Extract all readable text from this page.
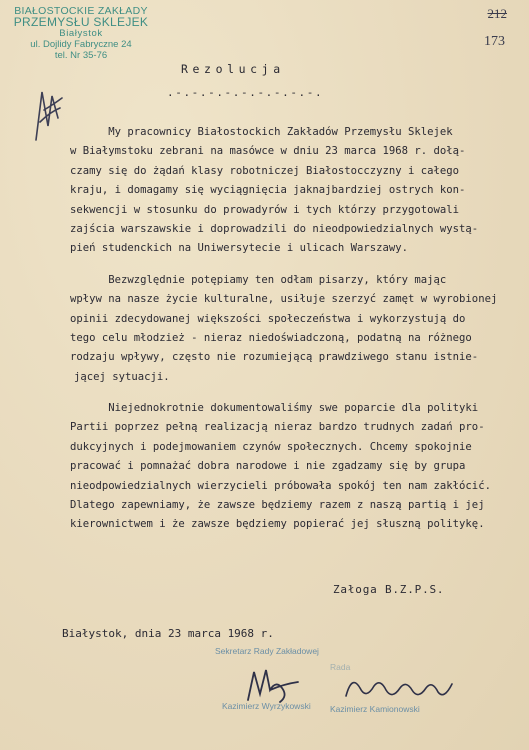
BIAŁOSTOCKIE ZAKŁADY
PRZEMYSŁU SKLEJEK
Białystok
ul. Dojlidy Fabryczne 24
tel. Nr 35-76
212
173
Rezolucja
.-.-.-.-.-.-.-.-.-.
My pracownicy Białostockich Zakładów Przemysłu Sklejek
w Białymstoku zebrani na masówce w dniu 23 marca 1968 r. dołą-
czamy się do żądań klasy robotniczej Białostocczyzny i całego
kraju, i domagamy się wyciągnięcia jaknajbardziej ostrych kon-
sekwencji w stosunku do prowadyrów i tych którzy przygotowali
zajścia warszawskie i doprowadzili do nieodpowiedzialnych wystą-
pień studenckich na Uniwersytecie i ulicach Warszawy.
Bezwzględnie potępiamy ten odłam pisarzy, który mając
wpływ na nasze życie kulturalne, usiłuje szerzyć zamęt w wyrobionej
opinii zdecydowanej większości społeczeństwa i wykorzystują do
tego celu młodzież - nieraz niedoświadczoną, podatną na różnego
rodzaju wpływy, często nie rozumiejącą prawdziwego stanu istnie-
jącej sytuacji.
Niejednokrotnie dokumentowaliśmy swe poparcie dla polityki
Partii poprzez pełną realizacją nieraz bardzo trudnych zadań pro-
dukcyjnych i podejmowaniem czynów społecznych. Chcemy spokojnie
pracować i pomnażać dobra narodowe i nie zgadzamy się by grupa
nieodpowiedzialnych wierzycieli próbowała spokój ten nam zakłócić.
Dlatego zapewniamy, że zawsze będziemy razem z naszą partią i jej
kierownictwem i że zawsze będziemy popierać jej słuszną politykę.
Załoga B.Z.P.S.
Białystok, dnia 23 marca 1968 r.
Sekretarz Rady Zakładowej
Kazimierz Wyrzykowski
Rada
Kazimierz Kamionowski
